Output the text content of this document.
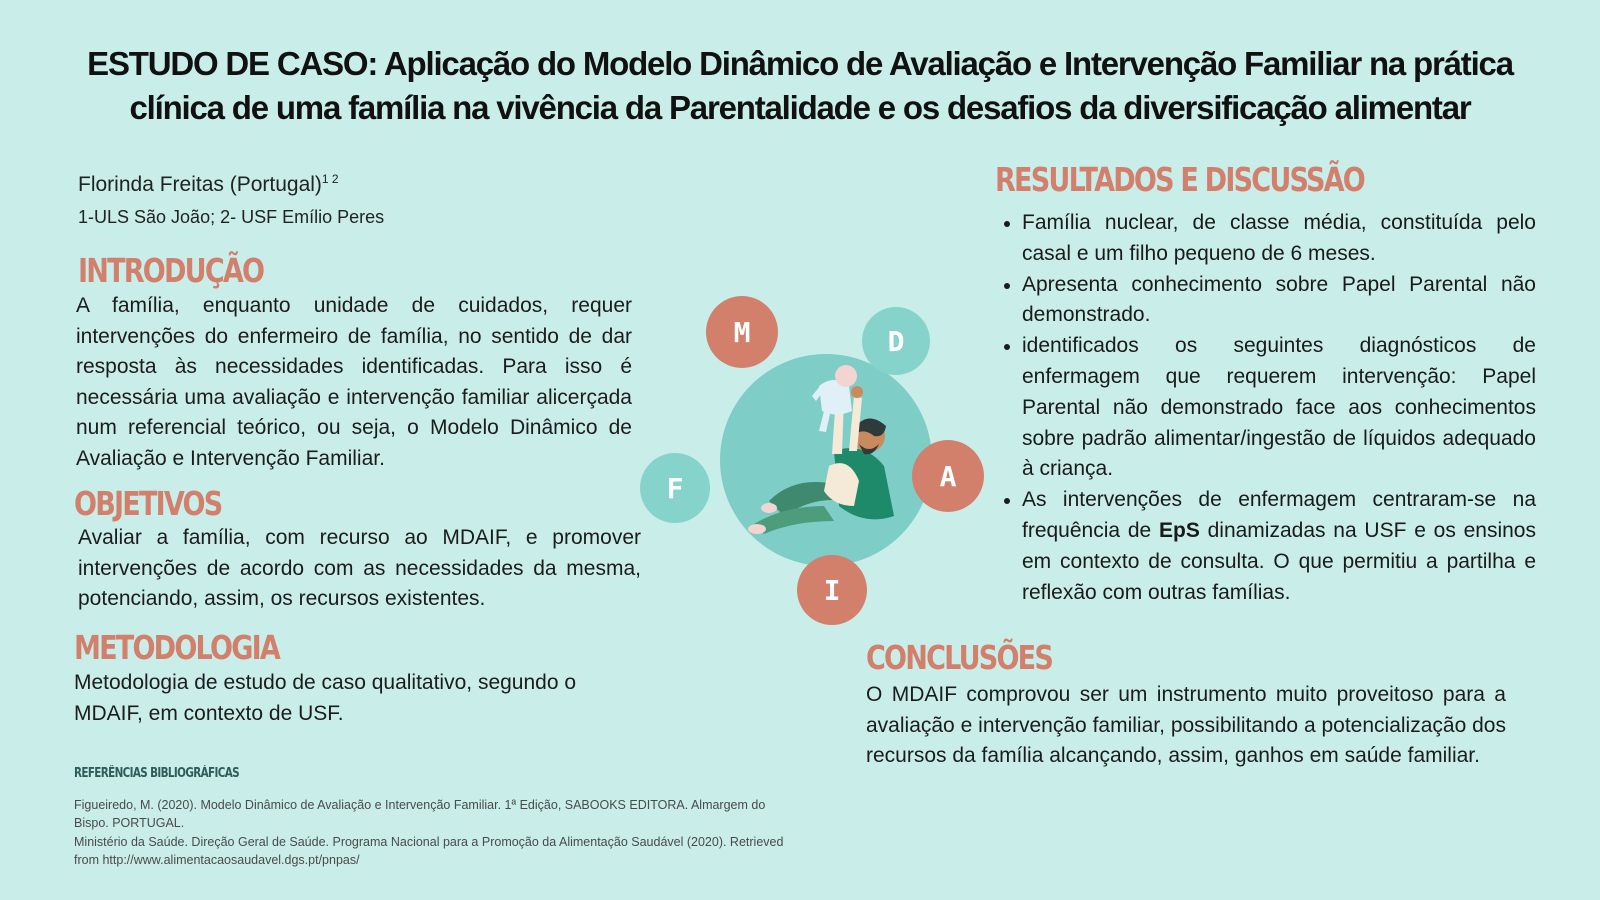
ESTUDO DE CASO: Aplicação do Modelo Dinâmico de Avaliação e Intervenção Familiar na prática
clínica de uma família na vivência da Parentalidade e os desafios da diversificação alimentar
Florinda Freitas (Portugal)$^{1 2}$
1-ULS São João; 2- USF Emílio Peres
INTRODUÇÃO
A família, enquanto unidade de cuidados, requer intervenções do enfermeiro de família, no sentido de dar resposta às necessidades identificadas. Para isso é necessária uma avaliação e intervenção familiar alicerçada num referencial teórico, ou seja, o Modelo Dinâmico de Avaliação e Intervenção Familiar.
OBJETIVOS
Avaliar a família, com recurso ao MDAIF, e promover intervenções de acordo com as necessidades da mesma, potenciando, assim, os recursos existentes.
METODOLOGIA
Metodologia de estudo de caso qualitativo, segundo o MDAIF, em contexto de USF.
REFERÊNCIAS BIBLIOGRÁFICAS
Figueiredo, M. (2020). Modelo Dinâmico de Avaliação e Intervenção Familiar. 1ª Edição, SABOOKS EDITORA. Almargem do Bispo. PORTUGAL.
Ministério da Saúde. Direção Geral de Saúde. Programa Nacional para a Promoção da Alimentação Saudável (2020). Retrieved from http://www.alimentacaosaudavel.dgs.pt/pnpas/
M	D
A
I
F
RESULTADOS E DISCUSSÃO
Família nuclear, de classe média, constituída pelo casal e um filho pequeno de 6 meses.
Apresenta conhecimento sobre Papel Parental não demonstrado.
identificados os seguintes diagnósticos de enfermagem que requerem intervenção: Papel Parental não demonstrado face aos conhecimentos sobre padrão alimentar/ingestão de líquidos adequado à criança.
As intervenções de enfermagem centraram-se na frequência de EpS dinamizadas na USF e os ensinos em contexto de consulta. O que permitiu a partilha e reflexão com outras famílias.
CONCLUSÕES
O MDAIF comprovou ser um instrumento muito proveitoso para a avaliação e intervenção familiar, possibilitando a potencialização dos recursos da família alcançando, assim, ganhos em saúde familiar.
